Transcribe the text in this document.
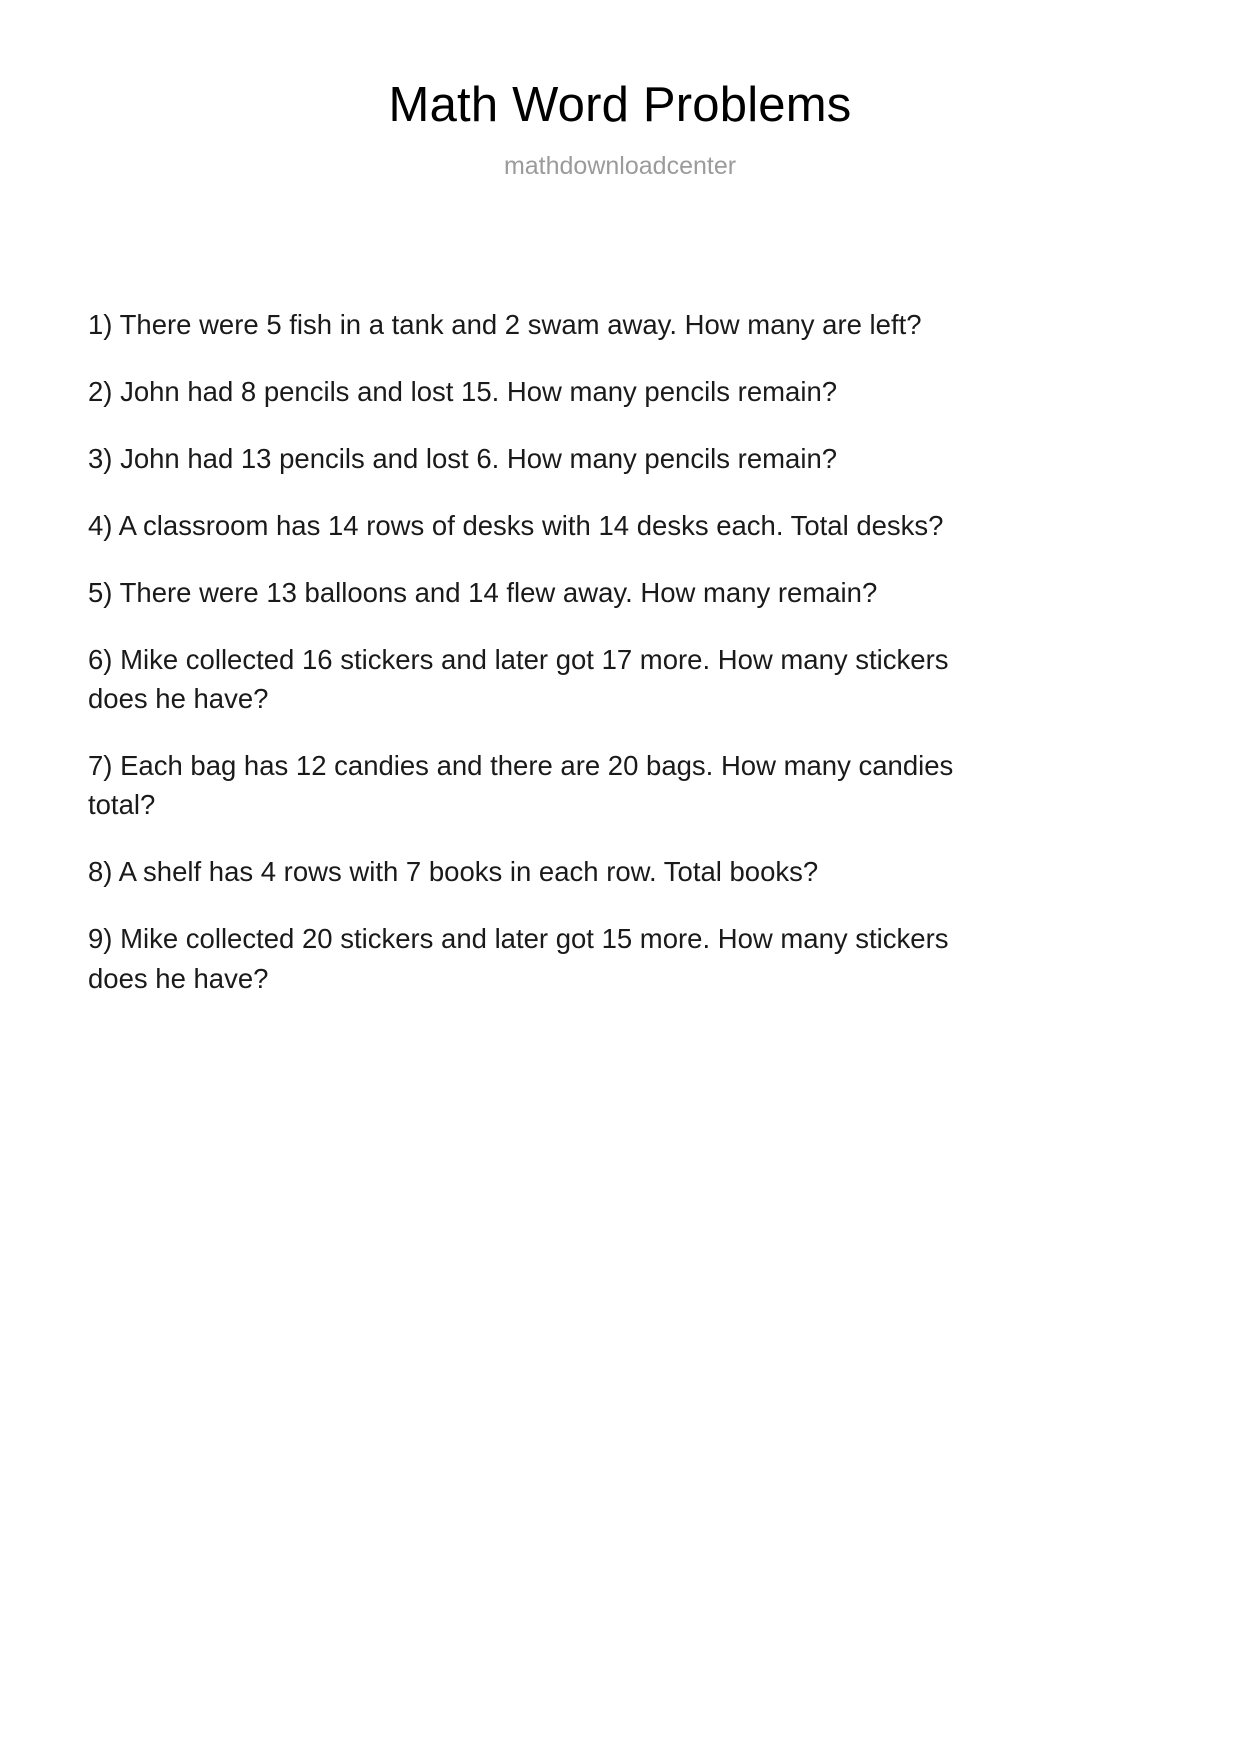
Math Word Problems

mathdownloadcenter

1) There were 5 fish in a tank and 2 swam away. How many are left?
2) John had 8 pencils and lost 15. How many pencils remain?
3) John had 13 pencils and lost 6. How many pencils remain?
4) A classroom has 14 rows of desks with 14 desks each. Total desks?
5) There were 13 balloons and 14 flew away. How many remain?
6) Mike collected 16 stickers and later got 17 more. How many stickers does he have?
7) Each bag has 12 candies and there are 20 bags. How many candies total?
8) A shelf has 4 rows with 7 books in each row. Total books?
9) Mike collected 20 stickers and later got 15 more. How many stickers does he have?
